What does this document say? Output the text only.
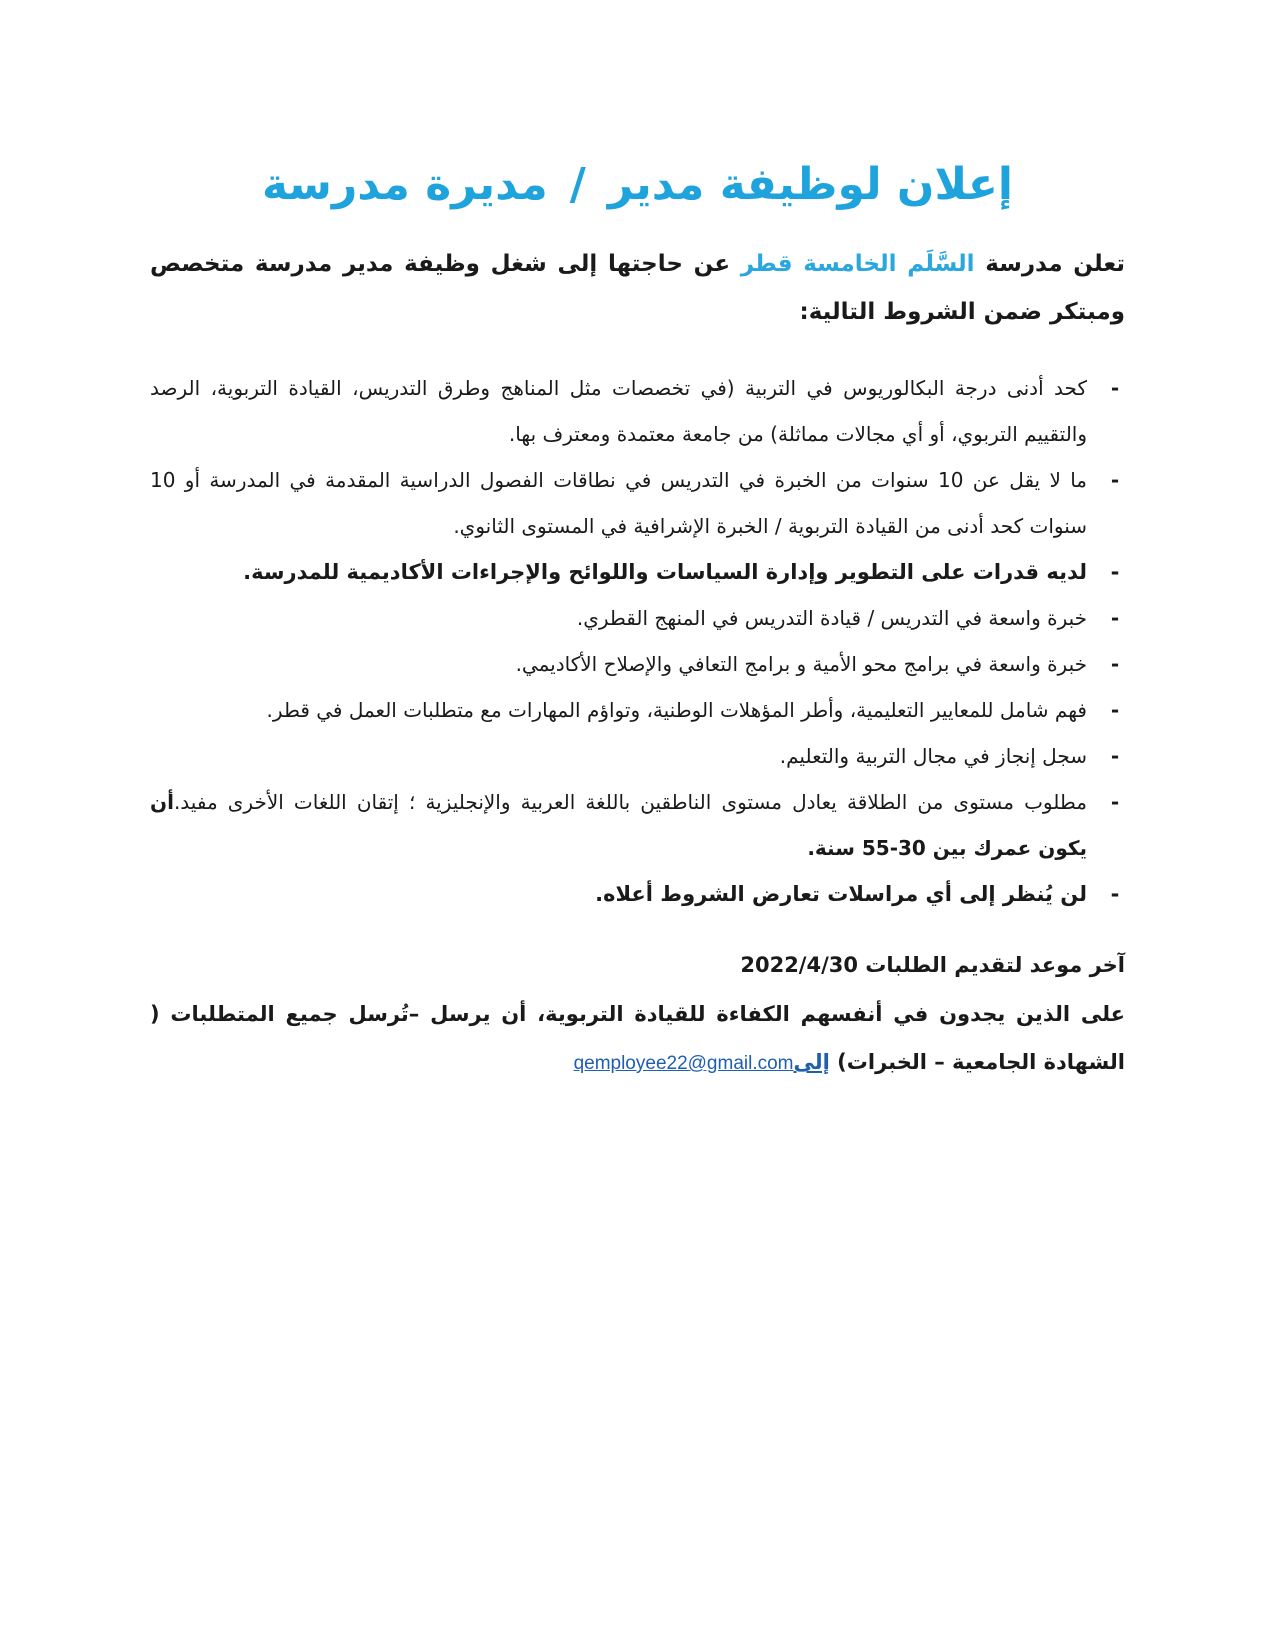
إعلان لوظيفة مدير/مديرة مدرسة
تعلن مدرسة السَّلَم الخامسة قطر عن حاجتها إلى شغل وظيفة مدير مدرسة متخصص ومبتكر ضمن الشروط التالية:
-
كحد أدنى درجة البكالوريوس في التربية (في تخصصات مثل المناهج وطرق التدريس، القيادة التربوية، الرصد والتقييم التربوي، أو أي مجالات مماثلة) من جامعة معتمدة ومعترف بها.
-
ما لا يقل عن 10 سنوات من الخبرة في التدريس في نطاقات الفصول الدراسية المقدمة في المدرسة أو 10 سنوات كحد أدنى من القيادة التربوية / الخبرة الإشرافية في المستوى الثانوي.
-
لديه قدرات على التطوير وإدارة السياسات واللوائح والإجراءات الأكاديمية للمدرسة.
-
خبرة واسعة في التدريس / قيادة التدريس في المنهج القطري.
-
خبرة واسعة في برامج محو الأمية و برامج التعافي والإصلاح الأكاديمي.
-
فهم شامل للمعايير التعليمية، وأطر المؤهلات الوطنية، وتواؤم المهارات مع متطلبات العمل في قطر.
-
سجل إنجاز في مجال التربية والتعليم.
-
مطلوب مستوى من الطلاقة يعادل مستوى الناطقين باللغة العربية والإنجليزية ؛ إتقان اللغات الأخرى مفيد.أن يكون عمرك بين 30-55 سنة.
-
لن يُنظر إلى أي مراسلات تعارض الشروط أعلاه.
آخر موعد لتقديم الطلبات 2022/4/30
على الذين يجدون في أنفسهم الكفاءة للقيادة التربوية، أن يرسل –تُرسل جميع المتطلبات ( الشهادة الجامعية – الخبرات) إلىqemployee22@gmail.com
